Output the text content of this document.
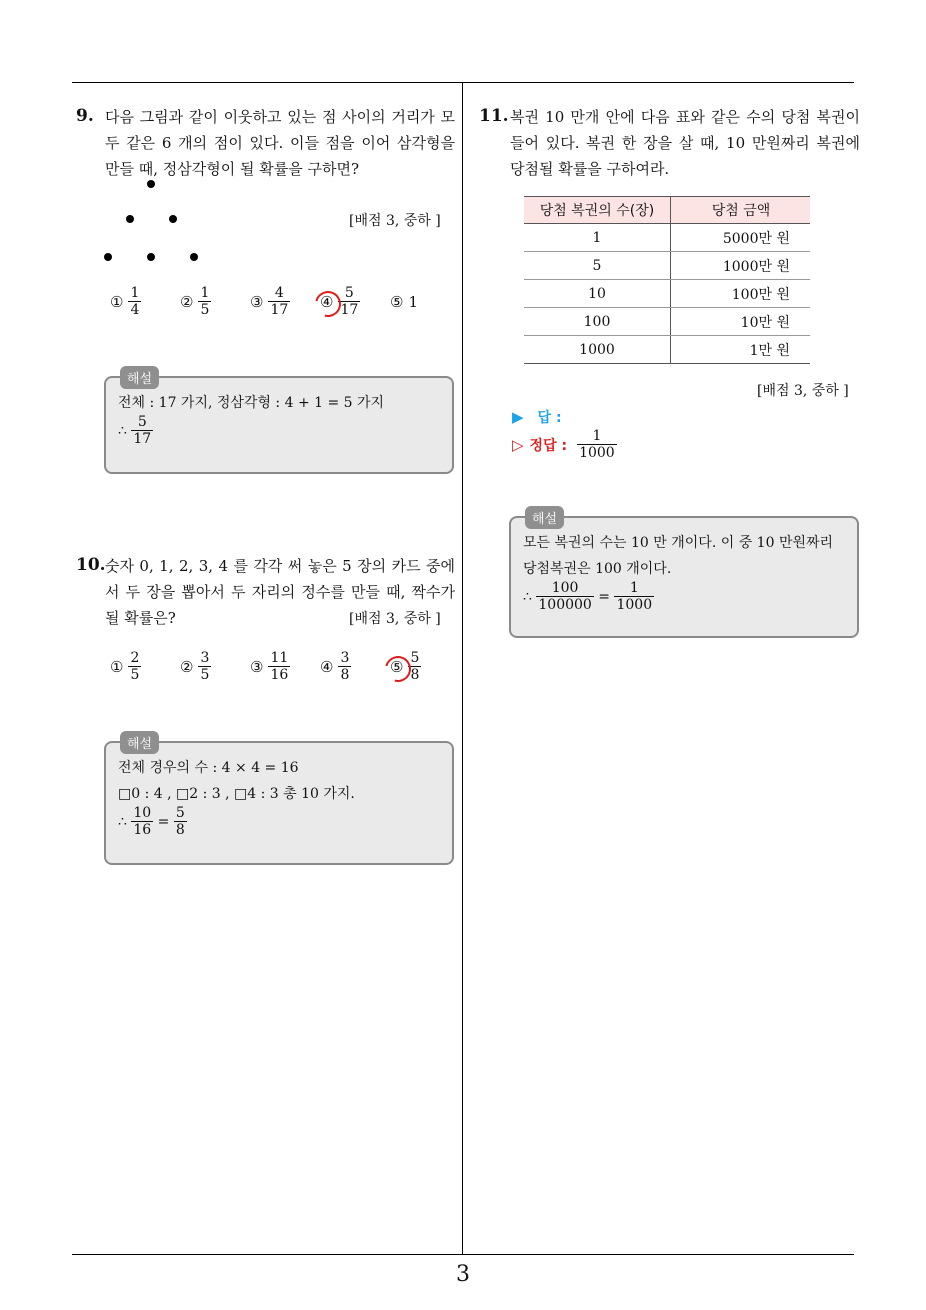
3
9. 다음 그림과 같이 이웃하고 있는 점 사이의 거리가 모두 같은 6 개의 점이 있다. 이들 점을 이어 삼각형을 만들 때, 정삼각형이 될 확률을 구하면?
[배점 3, 중하 ]
① $\frac{1}{4}$	② $\frac{1}{5}$	③ $\frac{4}{17}$ ④ $\frac{5}{17}$ ⑤ 1
해설
전체 : 17 가지, 정삼각형 : 4 + 1 = 5 가지
∴
$\frac{5}{17}$
10. 숫자 0, 1, 2, 3, 4 를 각각 써 놓은 5 장의 카드 중에서 두 장을 뽑아서 두 자리의 정수를 만들 때, 짝수가 될 확률은?	[배점 3, 중하 ]
① $\frac{2}{5}$	② $\frac{3}{5}$	③ $\frac{11}{16}$ ④ $\frac{3}{8}$	⑤ $\frac{5}{8}$
해설
전체 경우의 수 : 4 × 4 = 16
□0 : 4 , □2 : 3 , □4 : 3 총 10 가지.
∴
$\frac{10}{16}$
=
$\frac{5}{8}$
11. 복권 10 만개 안에 다음 표와 같은 수의 당첨 복권이 들어 있다. 복권 한 장을 살 때, 10 만원짜리 복권에 당첨될 확률을 구하여라.
당첨 복권의 수(장)	당첨 금액
1	5000만 원
5	1000만 원
10	100만 원
100	10만 원
1000	1만 원
[배점 3, 중하 ]
▶ 답 :
▷ 정답 : $\frac{1}{1000}$
해설
모든 복권의 수는 10 만 개이다. 이 중 10 만원짜리
당첨복권은 100 개이다.
∴
$\frac{100}{100000}$
=
$\frac{1}{1000}$
